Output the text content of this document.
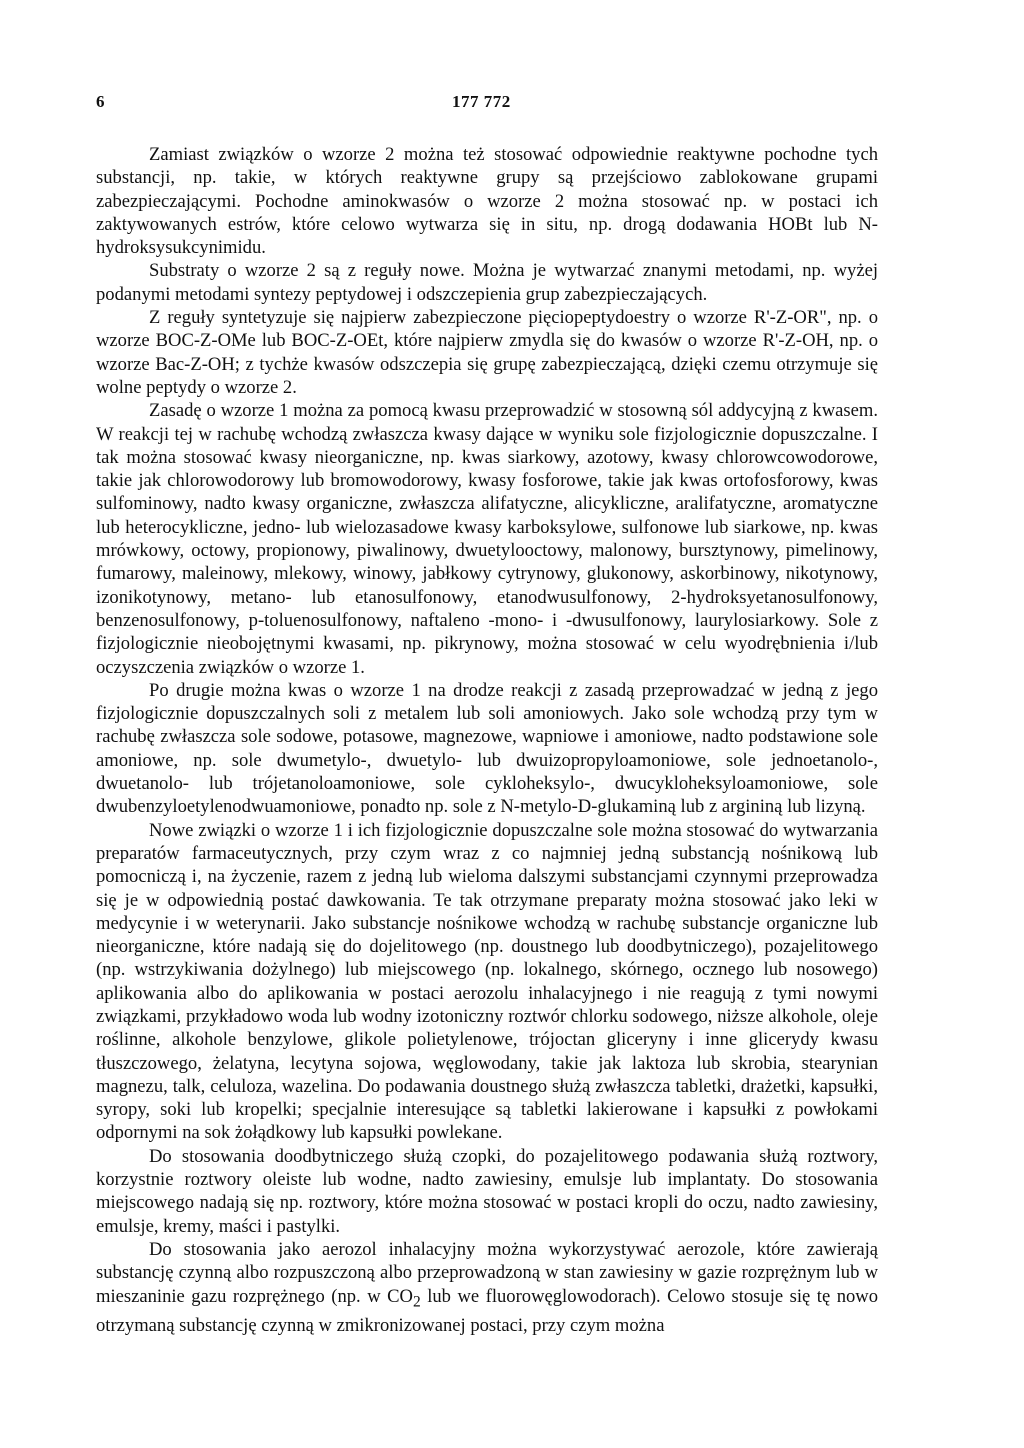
6	177 772

Zamiast związków o wzorze 2 można też stosować odpowiednie reaktywne pochodne tych substancji, np. takie, w których reaktywne grupy są przejściowo zablokowane grupami zabezpieczającymi. Pochodne aminokwasów o wzorze 2 można stosować np. w postaci ich zaktywowanych estrów, które celowo wytwarza się in situ, np. drogą dodawania HOBt lub N-hydroksysukcynimidu.

Substraty o wzorze 2 są z reguły nowe. Można je wytwarzać znanymi metodami, np. wyżej podanymi metodami syntezy peptydowej i odszczepienia grup zabezpieczających.

Z reguły syntetyzuje się najpierw zabezpieczone pięciopeptydoestry o wzorze R'-Z-OR", np. o wzorze BOC-Z-OMe lub BOC-Z-OEt, które najpierw zmydla się do kwasów o wzorze R'-Z-OH, np. o wzorze Bac-Z-OH; z tychże kwasów odszczepia się grupę zabezpieczającą, dzięki czemu otrzymuje się wolne peptydy o wzorze 2.

Zasadę o wzorze 1 można za pomocą kwasu przeprowadzić w stosowną sól addycyjną z kwasem. W reakcji tej w rachubę wchodzą zwłaszcza kwasy dające w wyniku sole fizjologicznie dopuszczalne. I tak można stosować kwasy nieorganiczne, np. kwas siarkowy, azotowy, kwasy chlorowcowodorowe, takie jak chlorowodorowy lub bromowodorowy, kwasy fosforowe, takie jak kwas ortofosforowy, kwas sulfominowy, nadto kwasy organiczne, zwłaszcza alifatyczne, alicykliczne, aralifatyczne, aromatyczne lub heterocykliczne, jedno- lub wielozasadowe kwasy karboksylowe, sulfonowe lub siarkowe, np. kwas mrówkowy, octowy, propionowy, piwalinowy, dwuetylooctowy, malonowy, bursztynowy, pimelinowy, fumarowy, maleinowy, mlekowy, winowy, jabłkowy cytrynowy, glukonowy, askorbinowy, nikotynowy, izonikotynowy, metano- lub etanosulfonowy, etanodwusulfonowy, 2-hydroksyetanosulfonowy, benzenosulfonowy, p-toluenosulfonowy, naftaleno -mono- i -dwusulfonowy, laurylosiarkowy. Sole z fizjologicznie nieobojętnymi kwasami, np. pikrynowy, można stosować w celu wyodrębnienia i/lub oczyszczenia związków o wzorze 1.

Po drugie można kwas o wzorze 1 na drodze reakcji z zasadą przeprowadzać w jedną z jego fizjologicznie dopuszczalnych soli z metalem lub soli amoniowych. Jako sole wchodzą przy tym w rachubę zwłaszcza sole sodowe, potasowe, magnezowe, wapniowe i amoniowe, nadto podstawione sole amoniowe, np. sole dwumetylo-, dwuetylo- lub dwuizopropyloamoniowe, sole jednoetanolo-, dwuetanolo- lub trójetanoloamoniowe, sole cykloheksylo-, dwucykloheksyloamoniowe, sole dwubenzyloetylenodwuamoniowe, ponadto np. sole z N-metylo-D-glukaminą lub z argininą lub lizyną.

Nowe związki o wzorze 1 i ich fizjologicznie dopuszczalne sole można stosować do wytwarzania preparatów farmaceutycznych, przy czym wraz z co najmniej jedną substancją nośnikową lub pomocniczą i, na życzenie, razem z jedną lub wieloma dalszymi substancjami czynnymi przeprowadza się je w odpowiednią postać dawkowania. Te tak otrzymane preparaty można stosować jako leki w medycynie i w weterynarii. Jako substancje nośnikowe wchodzą w rachubę substancje organiczne lub nieorganiczne, które nadają się do dojelitowego (np. doustnego lub doodbytniczego), pozajelitowego (np. wstrzykiwania dożylnego) lub miejscowego (np. lokalnego, skórnego, ocznego lub nosowego) aplikowania albo do aplikowania w postaci aerozolu inhalacyjnego i nie reagują z tymi nowymi związkami, przykładowo woda lub wodny izotoniczny roztwór chlorku sodowego, niższe alkohole, oleje roślinne, alkohole benzylowe, glikole polietylenowe, trójoctan gliceryny i inne glicerydy kwasu tłuszczowego, żelatyna, lecytyna sojowa, węglowodany, takie jak laktoza lub skrobia, stearynian magnezu, talk, celuloza, wazelina. Do podawania doustnego służą zwłaszcza tabletki, drażetki, kapsułki, syropy, soki lub kropelki; specjalnie interesujące są tabletki lakierowane i kapsułki z powłokami odpornymi na sok żołądkowy lub kapsułki powlekane.

Do stosowania doodbytniczego służą czopki, do pozajelitowego podawania służą roztwory, korzystnie roztwory oleiste lub wodne, nadto zawiesiny, emulsje lub implantaty. Do stosowania miejscowego nadają się np. roztwory, które można stosować w postaci kropli do oczu, nadto zawiesiny, emulsje, kremy, maści i pastylki.

Do stosowania jako aerozol inhalacyjny można wykorzystywać aerozole, które zawierają substancję czynną albo rozpuszczoną albo przeprowadzoną w stan zawiesiny w gazie rozprężnym lub w mieszaninie gazu rozprężnego (np. w $CO_2$ lub we fluorowęglowodorach). Celowo stosuje się tę nowo otrzymaną substancję czynną w zmikronizowanej postaci, przy czym można
